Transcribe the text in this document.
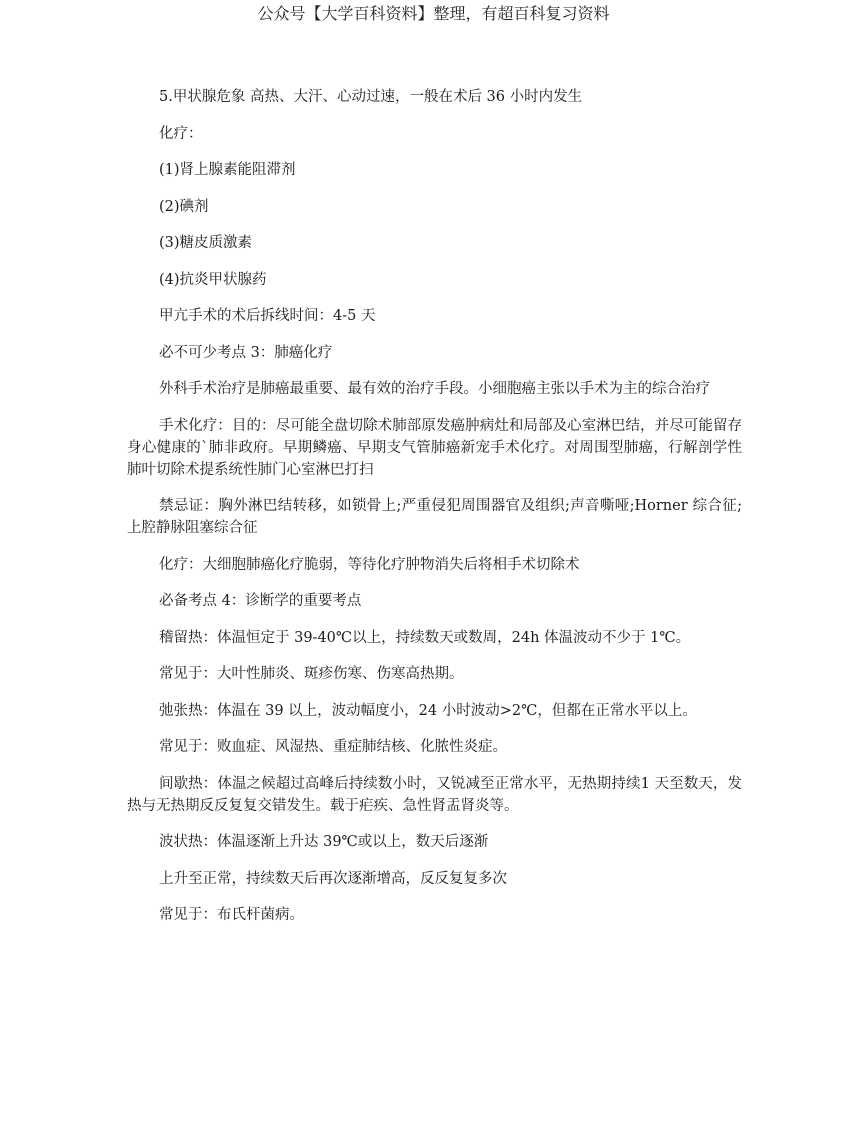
公众号【大学百科资料】整理，有超百科复习资料

5.甲状腺危象 高热、大汗、心动过速，一般在术后 36 小时内发生

化疗：

(1)肾上腺素能阻滞剂

(2)碘剂

(3)糖皮质激素

(4)抗炎甲状腺药

甲亢手术的术后拆线时间：4-5 天

必不可少考点 3：肺癌化疗

外科手术治疗是肺癌最重要、最有效的治疗手段。小细胞癌主张以手术为主的综合治疗

手术化疗：目的：尽可能全盘切除术肺部原发癌肿病灶和局部及心室淋巴结，并尽可能留存身心健康的`肺非政府。早期鳞癌、早期支气管肺癌新宠手术化疗。对周围型肺癌，行解剖学性肺叶切除术提系统性肺门心室淋巴打扫

禁忌证：胸外淋巴结转移，如锁骨上;严重侵犯周围器官及组织;声音嘶哑;Horner 综合征;上腔静脉阻塞综合征

化疗：大细胞肺癌化疗脆弱，等待化疗肿物消失后将相手术切除术

必备考点 4：诊断学的重要考点

稽留热：体温恒定于 39-40℃以上，持续数天或数周，24h 体温波动不少于 1℃。

常见于：大叶性肺炎、斑疹伤寒、伤寒高热期。

弛张热：体温在 39 以上，波动幅度小，24 小时波动>2℃，但都在正常水平以上。

常见于：败血症、风湿热、重症肺结核、化脓性炎症。

间歇热：体温之候超过高峰后持续数小时，又锐减至正常水平，无热期持续1 天至数天，发热与无热期反反复复交错发生。载于疟疾、急性肾盂肾炎等。

波状热：体温逐渐上升达 39℃或以上，数天后逐渐

上升至正常，持续数天后再次逐渐增高，反反复复多次

常见于：布氏杆菌病。
